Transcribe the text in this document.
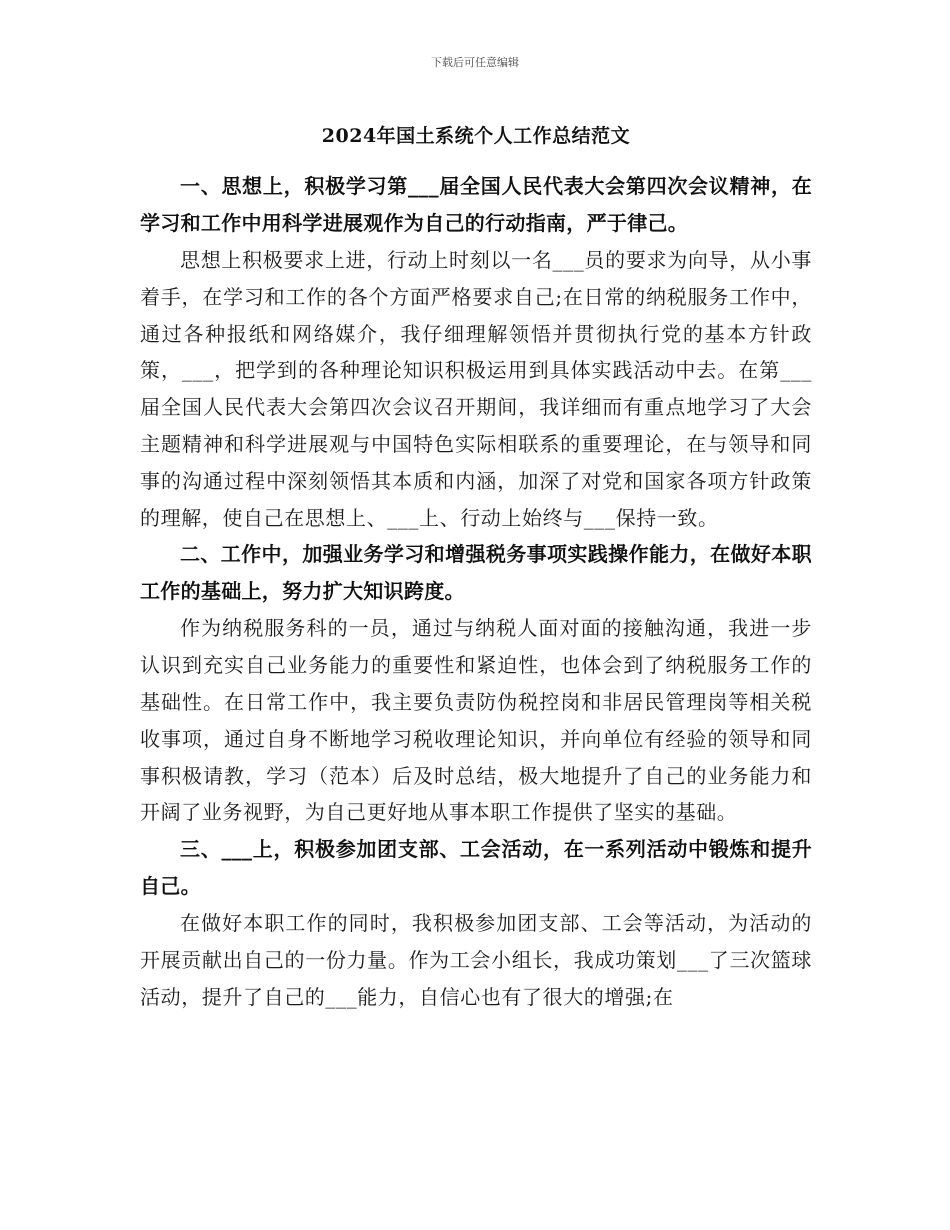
下载后可任意编辑
2024年国土系统个人工作总结范文

一、思想上，积极学习第___届全国人民代表大会第四次会议精神，在学习和工作中用科学进展观作为自己的行动指南，严于律己。

思想上积极要求上进，行动上时刻以一名___员的要求为向导，从小事着手，在学习和工作的各个方面严格要求自己;在日常的纳税服务工作中，通过各种报纸和网络媒介，我仔细理解领悟并贯彻执行党的基本方针政策，___，把学到的各种理论知识积极运用到具体实践活动中去。在第___届全国人民代表大会第四次会议召开期间，我详细而有重点地学习了大会主题精神和科学进展观与中国特色实际相联系的重要理论，在与领导和同事的沟通过程中深刻领悟其本质和内涵，加深了对党和国家各项方针政策的理解，使自己在思想上、___上、行动上始终与___保持一致。

二、工作中，加强业务学习和增强税务事项实践操作能力，在做好本职工作的基础上，努力扩大知识跨度。

作为纳税服务科的一员，通过与纳税人面对面的接触沟通，我进一步认识到充实自己业务能力的重要性和紧迫性，也体会到了纳税服务工作的基础性。在日常工作中，我主要负责防伪税控岗和非居民管理岗等相关税收事项，通过自身不断地学习税收理论知识，并向单位有经验的领导和同事积极请教，学习（范本）后及时总结，极大地提升了自己的业务能力和开阔了业务视野，为自己更好地从事本职工作提供了坚实的基础。

三、___上，积极参加团支部、工会活动，在一系列活动中锻炼和提升自己。

在做好本职工作的同时，我积极参加团支部、工会等活动，为活动的开展贡献出自己的一份力量。作为工会小组长，我成功策划___了三次篮球活动，提升了自己的___能力，自信心也有了很大的增强;在
